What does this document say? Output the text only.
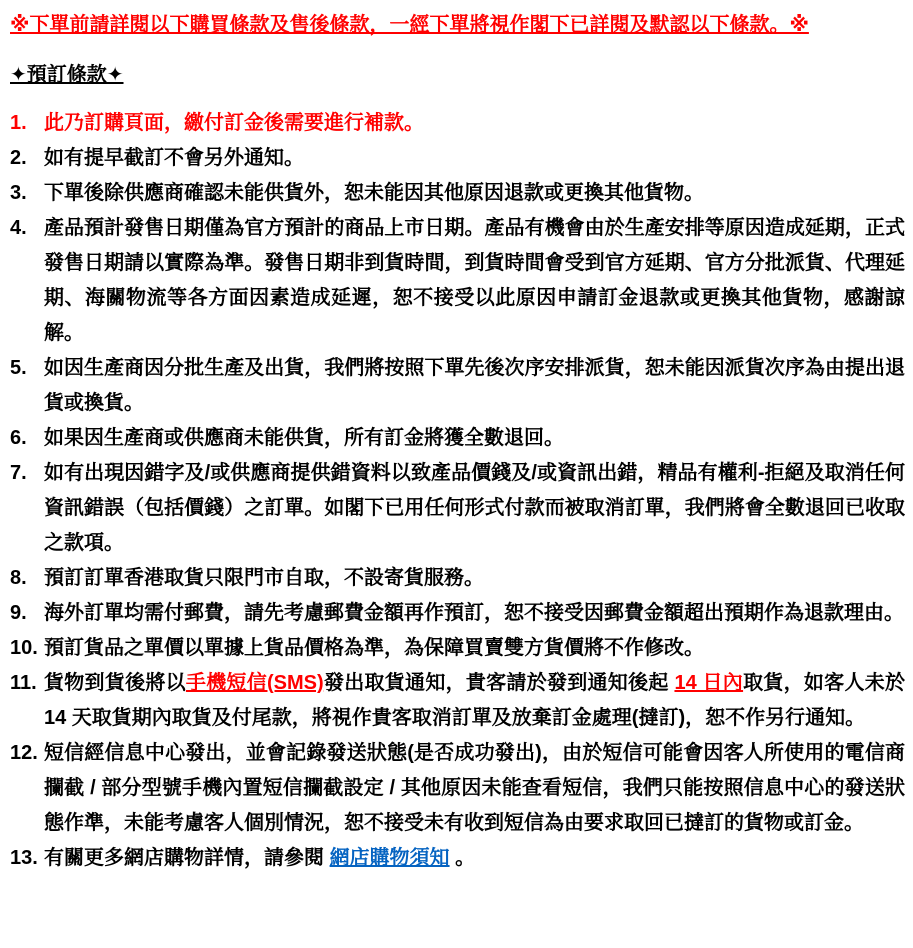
※下單前請詳閱以下購買條款及售後條款，一經下單將視作閣下已詳閱及默認以下條款。※
✦預訂條款✦
1. 此乃訂購頁面，繳付訂金後需要進行補款。
2. 如有提早截訂不會另外通知。
3. 下單後除供應商確認未能供貨外，恕未能因其他原因退款或更換其他貨物。
4. 產品預計發售日期僅為官方預計的商品上市日期。產品有機會由於生產安排等原因造成延期，正式發售日期請以實際為準。發售日期非到貨時間，到貨時間會受到官方延期、官方分批派貨、代理延期、海關物流等各方面因素造成延遲，恕不接受以此原因申請訂金退款或更換其他貨物，感謝諒解。
5. 如因生產商因分批生產及出貨，我們將按照下單先後次序安排派貨，恕未能因派貨次序為由提出退貨或換貨。
6. 如果因生產商或供應商未能供貨，所有訂金將獲全數退回。
7. 如有出現因錯字及/或供應商提供錯資料以致產品價錢及/或資訊出錯，精品有權利-拒絕及取消任何資訊錯誤（包括價錢）之訂單。如閣下已用任何形式付款而被取消訂單，我們將會全數退回已收取之款項。
8. 預訂訂單香港取貨只限門市自取，不設寄貨服務。
9. 海外訂單均需付郵費，請先考慮郵費金額再作預訂，恕不接受因郵費金額超出預期作為退款理由。
10. 預訂貨品之單價以單據上貨品價格為準，為保障買賣雙方貨價將不作修改。
11. 貨物到貨後將以手機短信(SMS)發出取貨通知，貴客請於發到通知後起 14 日內取貨，如客人未於 14 天取貨期內取貨及付尾款，將視作貴客取消訂單及放棄訂金處理(撻訂)，恕不作另行通知。
12. 短信經信息中心發出，並會記錄發送狀態(是否成功發出)，由於短信可能會因客人所使用的電信商攔截 / 部分型號手機內置短信攔截設定 / 其他原因未能查看短信，我們只能按照信息中心的發送狀態作準，未能考慮客人個別情況，恕不接受未有收到短信為由要求取回已撻訂的貨物或訂金。
13. 有關更多網店購物詳情，請參閱 網店購物須知 。
